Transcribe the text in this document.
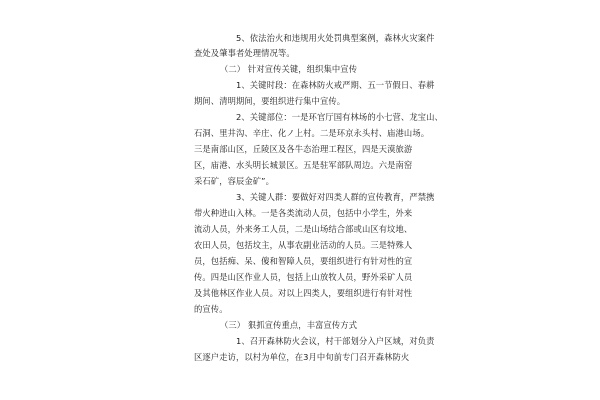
5、依法治火和违规用火处罚典型案例，森林火灾案件

查处及肇事者处理情况等。

（二） 针对宣传关键，组织集中宣传

1、关键时段：在森林防火戒严期、五一节假日、春耕

期间、清明期间，要组织进行集中宣传。

2、关键部位：一是环官厅国有林场的小七营、龙宝山、

石洞、里井沟、辛庄、化ノ上村。二是环京永头村、庙港山场。

三是南部山区，丘陵区及各牛态治理工程区，四是天漠旅游

区，庙港、水头明长城景区。五是驻军部队周边。六是南窑

采石矿，容辰金矿”。

3、关键人群：要做好对四类人群的宣传教育，严禁携

带火种进山入林。一是各类流动人员，包括中小学生，外来

流动人员，外来务工人员，二是山场结合部或山区有坟地、

农田人员，包括坟主，从事农副业活动的人员。三是特殊人

员，包括痴、呆、傻和智障人员，要组织进行有针对性的宣

传。四是山区作业人员，包括上山放牧人员，野外采矿人员

及其他林区作业人员。对以上四类人，要组织进行有针对性

的宣传。

（三） 狠抓宣传重点，丰富宣传方式

1、召开森林防火会议，村干部划分入户区域，对负责

区逐户走访，以村为单位，在3月中旬前专门召开森林防火
